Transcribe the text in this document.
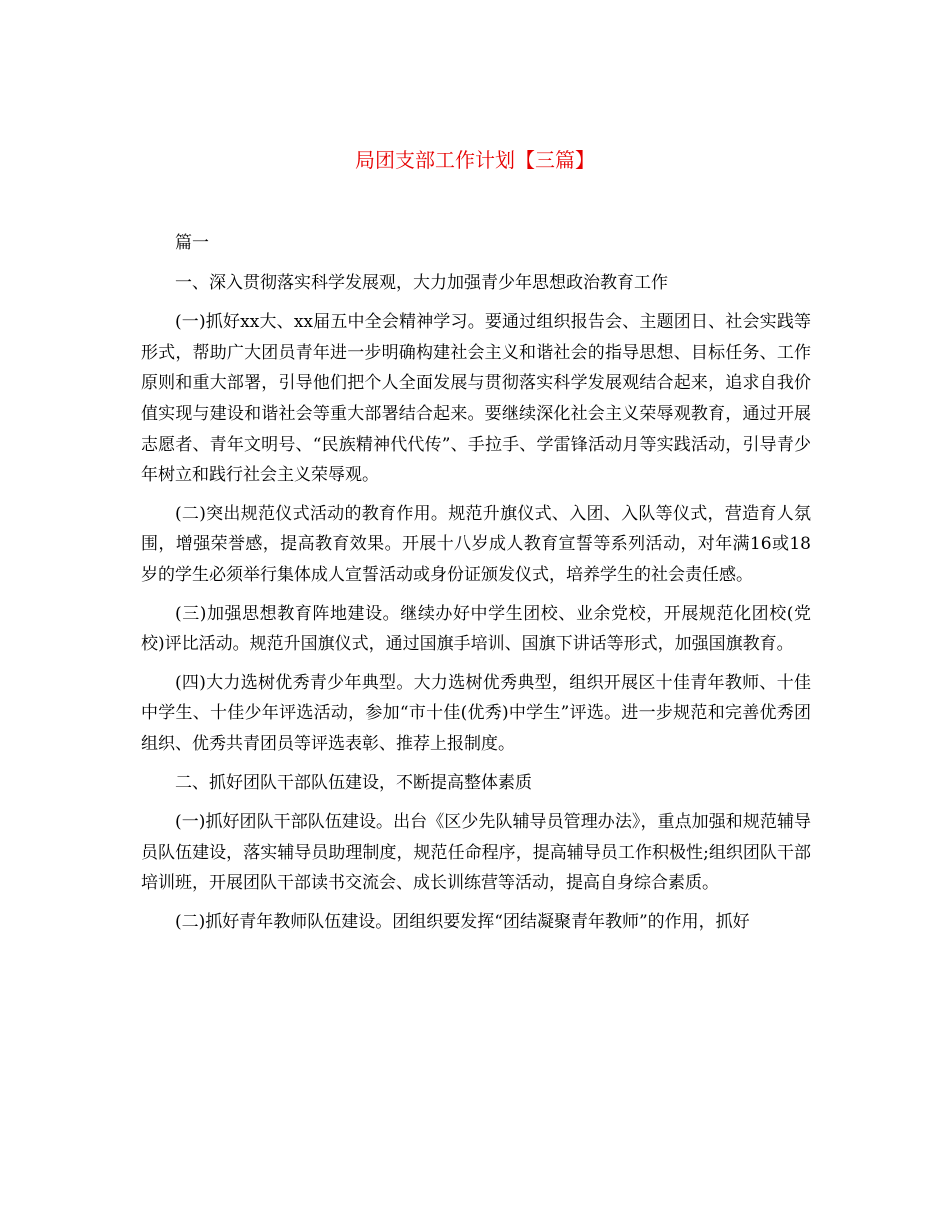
局团支部工作计划【三篇】

篇一

一、深入贯彻落实科学发展观，大力加强青少年思想政治教育工作

(一)抓好xx大、xx届五中全会精神学习。要通过组织报告会、主题团日、社会实践等形式，帮助广大团员青年进一步明确构建社会主义和谐社会的指导思想、目标任务、工作原则和重大部署，引导他们把个人全面发展与贯彻落实科学发展观结合起来，追求自我价值实现与建设和谐社会等重大部署结合起来。要继续深化社会主义荣辱观教育，通过开展志愿者、青年文明号、“民族精神代代传”、手拉手、学雷锋活动月等实践活动，引导青少年树立和践行社会主义荣辱观。

(二)突出规范仪式活动的教育作用。规范升旗仪式、入团、入队等仪式，营造育人氛围，增强荣誉感，提高教育效果。开展十八岁成人教育宣誓等系列活动，对年满16或18岁的学生必须举行集体成人宣誓活动或身份证颁发仪式，培养学生的社会责任感。

(三)加强思想教育阵地建设。继续办好中学生团校、业余党校，开展规范化团校(党校)评比活动。规范升国旗仪式，通过国旗手培训、国旗下讲话等形式，加强国旗教育。

(四)大力选树优秀青少年典型。大力选树优秀典型，组织开展区十佳青年教师、十佳中学生、十佳少年评选活动，参加“市十佳(优秀)中学生”评选。进一步规范和完善优秀团组织、优秀共青团员等评选表彰、推荐上报制度。

二、抓好团队干部队伍建设，不断提高整体素质

(一)抓好团队干部队伍建设。出台《区少先队辅导员管理办法》，重点加强和规范辅导员队伍建设，落实辅导员助理制度，规范任命程序，提高辅导员工作积极性;组织团队干部培训班，开展团队干部读书交流会、成长训练营等活动，提高自身综合素质。

(二)抓好青年教师队伍建设。团组织要发挥“团结凝聚青年教师”的作用，抓好
